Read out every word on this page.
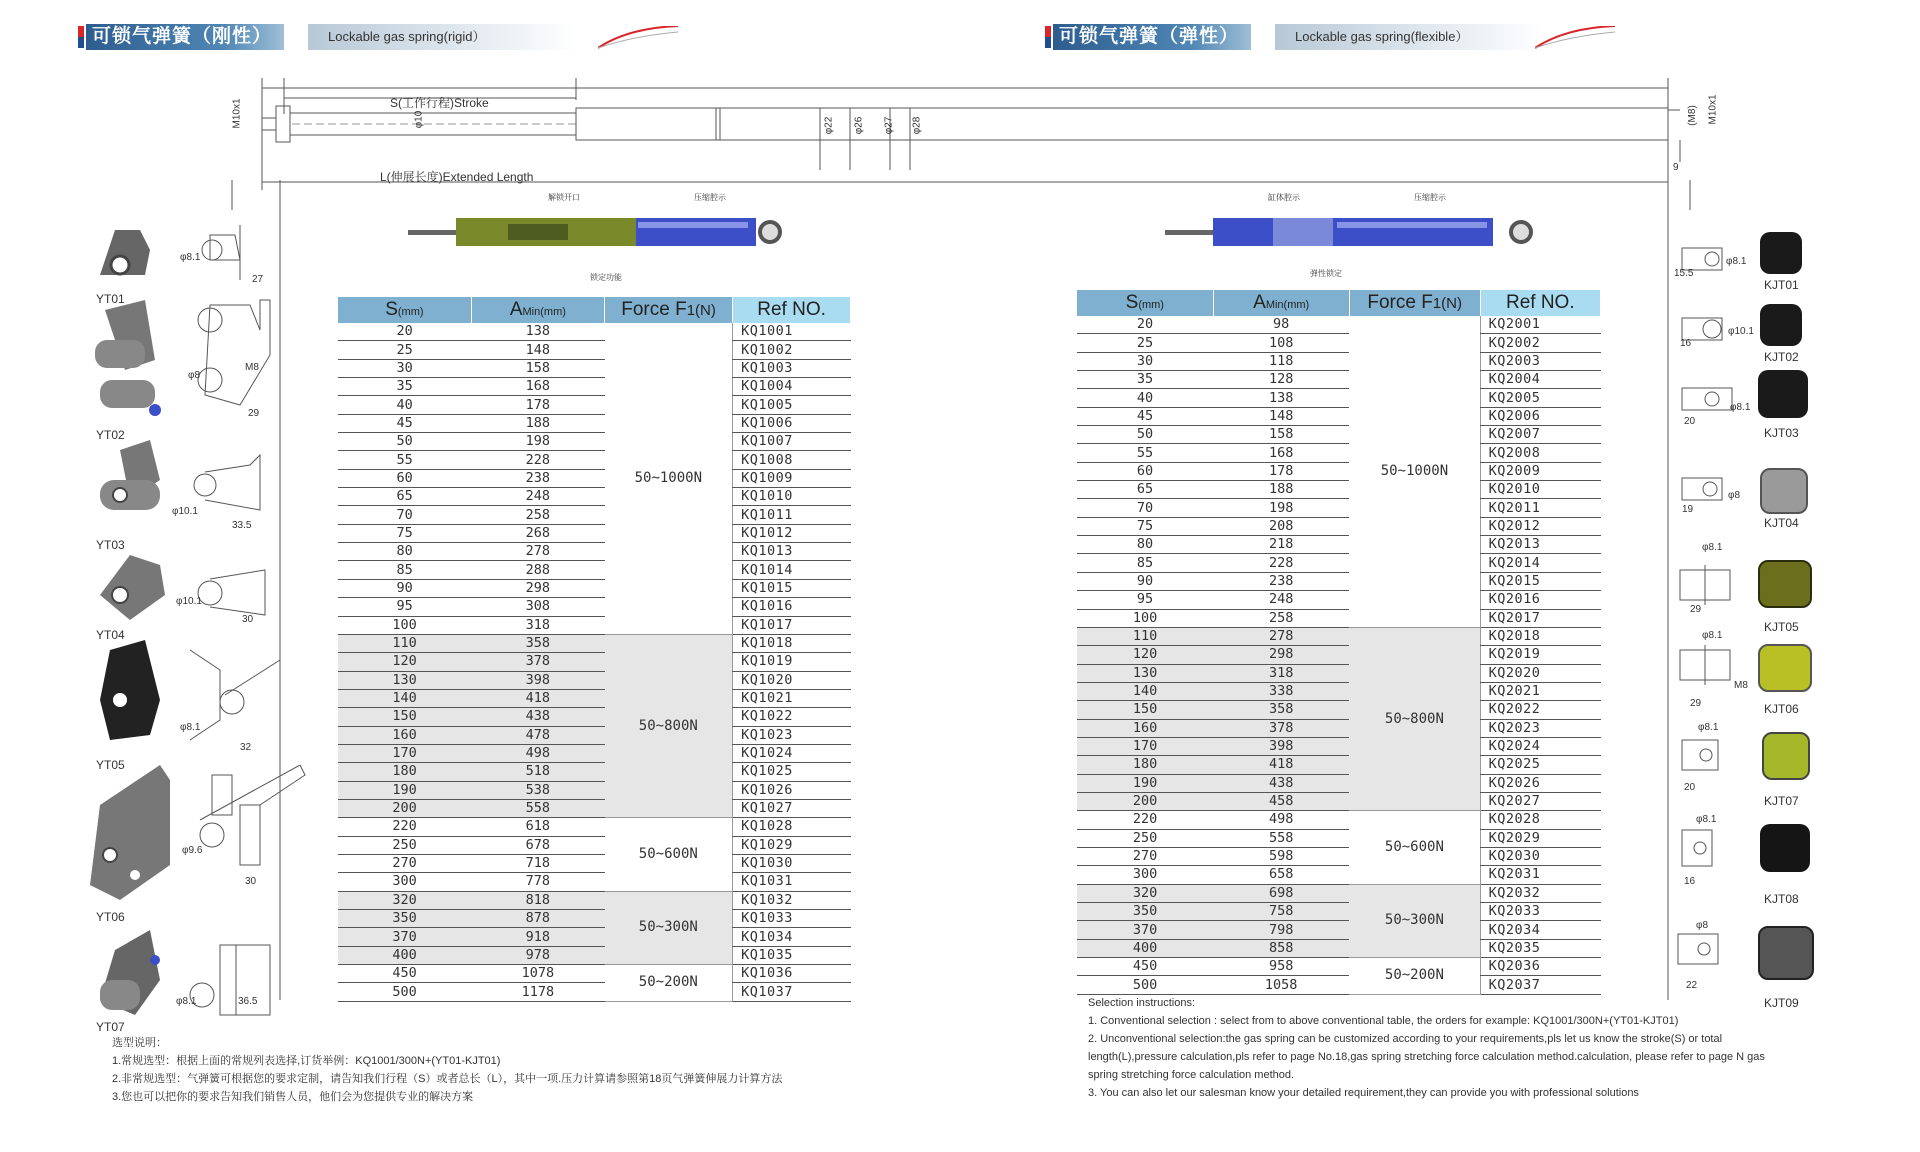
可锁气弹簧（刚性）	Lockable gas spring(rigid）	可锁气弹簧（弹性）	Lockable gas spring(flexible）
S(工作行程)Stroke
L(伸展长度)Extended Length
M10x1	φ10	φ22 φ26 φ27 φ28	(M8) M10x1
9
解锁开口	压缩腔示
锁定功能
缸体腔示	压缩腔示
弹性锁定
YT01
φ8.1
27
YT02
φ8
M8
29
YT03
φ10.1
33.5
YT04
φ10.1
30
YT05
φ8.1
32
YT06
φ9.6
30
YT07
φ8.1	36.5
S(mm)	AMin(mm)	Force F1(N)	Ref NO.
20	138	50~1000N	KQ1001
25	148		KQ1002
30	158		KQ1003
35	168		KQ1004
40	178		KQ1005
45	188		KQ1006
50	198		KQ1007
55	228		KQ1008
60	238		KQ1009
65	248		KQ1010
70	258		KQ1011
75	268		KQ1012
80	278		KQ1013
85	288		KQ1014
90	298		KQ1015
95	308		KQ1016
100	318		KQ1017
110	358	50~800N	KQ1018
120	378		KQ1019
130	398		KQ1020
140	418		KQ1021
150	438		KQ1022
160	478		KQ1023
170	498		KQ1024
180	518		KQ1025
190	538		KQ1026
200	558		KQ1027
220	618	50~600N	KQ1028
250	678		KQ1029
270	718		KQ1030
300	778		KQ1031
320	818	50~300N	KQ1032
350	878		KQ1033
370	918		KQ1034
400	978		KQ1035
450	1078	50~200N	KQ1036
500	1178		KQ1037
S(mm)	AMin(mm)	Force F1(N)	Ref NO.
20	98	50~1000N	KQ2001
25	108		KQ2002
30	118		KQ2003
35	128		KQ2004
40	138		KQ2005
45	148		KQ2006
50	158		KQ2007
55	168		KQ2008
60	178		KQ2009
65	188		KQ2010
70	198		KQ2011
75	208		KQ2012
80	218		KQ2013
85	228		KQ2014
90	238		KQ2015
95	248		KQ2016
100	258		KQ2017
110	278	50~800N	KQ2018
120	298		KQ2019
130	318		KQ2020
140	338		KQ2021
150	358		KQ2022
160	378		KQ2023
170	398		KQ2024
180	418		KQ2025
190	438		KQ2026
200	458		KQ2027
220	498	50~600N	KQ2028
250	558		KQ2029
270	598		KQ2030
300	658		KQ2031
320	698	50~300N	KQ2032
350	758		KQ2033
370	798		KQ2034
400	858		KQ2035
450	958	50~200N	KQ2036
500	1058		KQ2037
φ8.1
15.5
KJT01
φ10.1
16
KJT02
φ8.1
20
KJT03
φ8
19
KJT04
φ8.1
29
KJT05
φ8.1
M8
29	KJT06
φ8.1
20
KJT07
φ8.1
16
KJT08
φ8
22
KJT09
选型说明：
1.常规选型：根据上面的常规列表选择,订货举例：KQ1001/300N+(YT01-KJT01)
2.非常规选型：气弹簧可根据您的要求定制，请告知我们行程（S）或者总长（L），其中一项.压力计算请参照第18页气弹簧伸展力计算方法
3.您也可以把你的要求告知我们销售人员，他们会为您提供专业的解决方案
Selection instructions:
1. Conventional selection : select from to above conventional table, the orders for example: KQ1001/300N+(YT01-KJT01)
2. Unconventional selection:the gas spring can be customized according to your requirements,pls let us know the stroke(S) or total
length(L),pressure calculation,pls refer to page No.18,gas spring stretching force calculation method.calculation, please refer to page N gas
spring stretching force calculation method.
3. You can also let our salesman know your detailed requirement,they can provide you with professional solutions
